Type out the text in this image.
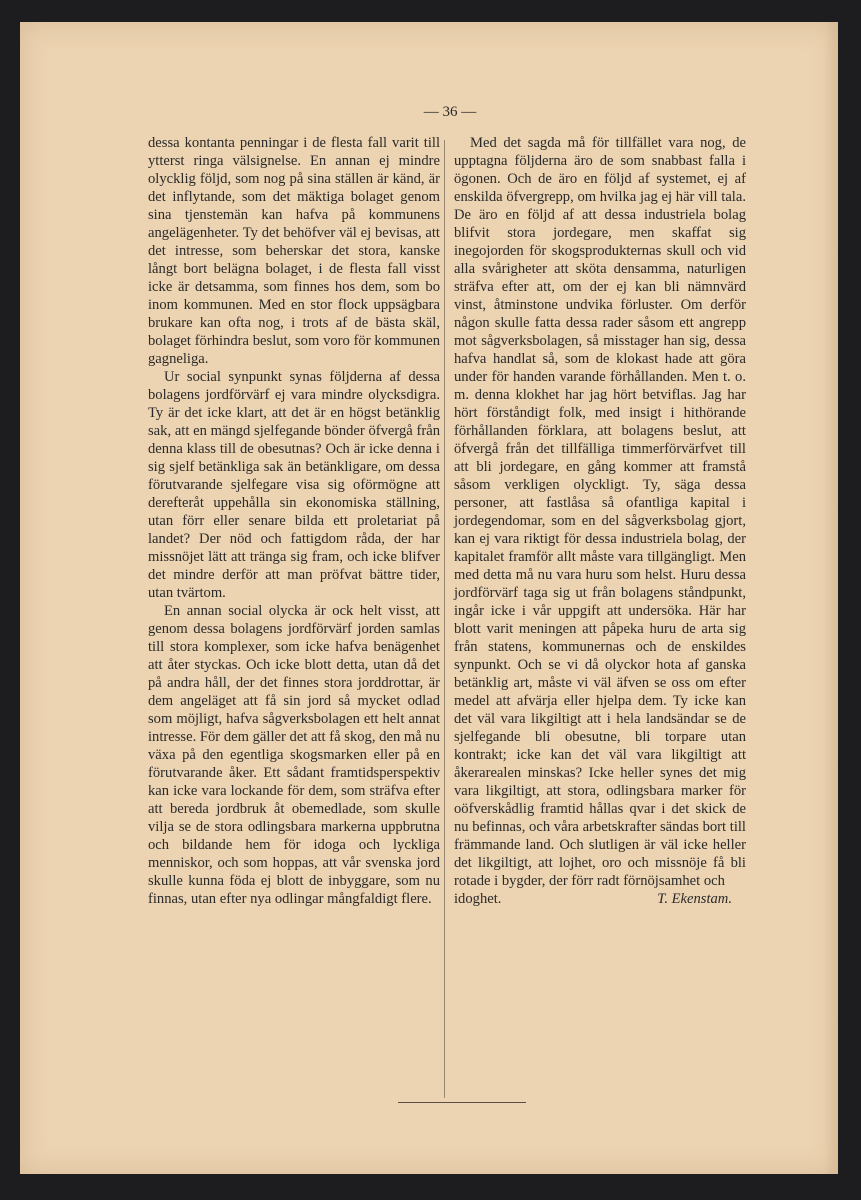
— 36 —

dessa kontanta penningar i de flesta fall varit till ytterst ringa välsignelse. En annan ej mindre olycklig följd, som nog på sina ställen är känd, är det inflytande, som det mäktiga bolaget genom sina tjenstemän kan hafva på kommunens angelägenheter. Ty det behöfver väl ej bevisas, att det intresse, som beherskar det stora, kanske långt bort belägna bolaget, i de flesta fall visst icke är detsamma, som finnes hos dem, som bo inom kommunen. Med en stor flock uppsägbara brukare kan ofta nog, i trots af de bästa skäl, bolaget förhindra beslut, som voro för kommunen gagneliga.

Ur social synpunkt synas följderna af dessa bolagens jordförvärf ej vara mindre olycksdigra. Ty är det icke klart, att det är en högst betänklig sak, att en mängd sjelfegande bönder öfvergå från denna klass till de obesutnas? Och är icke denna i sig sjelf betänkliga sak än betänkligare, om dessa förutvarande sjelfegare visa sig oförmögne att derefteråt uppehålla sin ekonomiska ställning, utan förr eller senare bilda ett proletariat på landet? Der nöd och fattigdom råda, der har missnöjet lätt att tränga sig fram, och icke blifver det mindre derför att man pröfvat bättre tider, utan tvärtom.

En annan social olycka är ock helt visst, att genom dessa bolagens jordförvärf jorden samlas till stora komplexer, som icke hafva benägenhet att åter styckas. Och icke blott detta, utan då det på andra håll, der det finnes stora jorddrottar, är dem angeläget att få sin jord så mycket odlad som möjligt, hafva sågverksbolagen ett helt annat intresse. För dem gäller det att få skog, den må nu växa på den egentliga skogsmarken eller på en förutvarande åker. Ett sådant framtidsperspektiv kan icke vara lockande för dem, som sträfva efter att bereda jordbruk åt obemedlade, som skulle vilja se de stora odlingsbara markerna uppbrutna och bildande hem för idoga och lyckliga menniskor, och som hoppas, att vår svenska jord skulle kunna föda ej blott de inbyggare, som nu finnas, utan efter nya odlingar mångfaldigt flere.

Med det sagda må för tillfället vara nog, de upptagna följderna äro de som snabbast falla i ögonen. Och de äro en följd af systemet, ej af enskilda öfvergrepp, om hvilka jag ej här vill tala. De äro en följd af att dessa industriela bolag blifvit stora jordegare, men skaffat sig inegojorden för skogsprodukternas skull och vid alla svårigheter att sköta densamma, naturligen sträfva efter att, om der ej kan bli nämnvärd vinst, åtminstone undvika förluster. Om derför någon skulle fatta dessa rader såsom ett angrepp mot sågverksbolagen, så misstager han sig, dessa hafva handlat så, som de klokast hade att göra under för handen varande förhållanden. Men t. o. m. denna klokhet har jag hört betviflas. Jag har hört förståndigt folk, med insigt i hithörande förhållanden förklara, att bolagens beslut, att öfvergå från det tillfälliga timmerförvärfvet till att bli jordegare, en gång kommer att framstå såsom verkligen olyckligt. Ty, säga dessa personer, att fastlåsa så ofantliga kapital i jordegendomar, som en del sågverksbolag gjort, kan ej vara riktigt för dessa industriela bolag, der kapitalet framför allt måste vara tillgängligt. Men med detta må nu vara huru som helst. Huru dessa jordförvärf taga sig ut från bolagens ståndpunkt, ingår icke i vår uppgift att undersöka. Här har blott varit meningen att påpeka huru de arta sig från statens, kommunernas och de enskildes synpunkt. Och se vi då olyckor hota af ganska betänklig art, måste vi väl äfven se oss om efter medel att afvärja eller hjelpa dem. Ty icke kan det väl vara likgiltigt att i hela landsändar se de sjelfegande bli obesutne, bli torpare utan kontrakt; icke kan det väl vara likgiltigt att åkerarealen minskas? Icke heller synes det mig vara likgiltigt, att stora, odlingsbara marker för oöfverskådlig framtid hållas qvar i det skick de nu befinnas, och våra arbetskrafter sändas bort till främmande land. Och slutligen är väl icke heller det likgiltigt, att lojhet, oro och missnöje få bli rotade i bygder, der förr radt förnöjsamhet och

idoghet.	T. Ekenstam.
